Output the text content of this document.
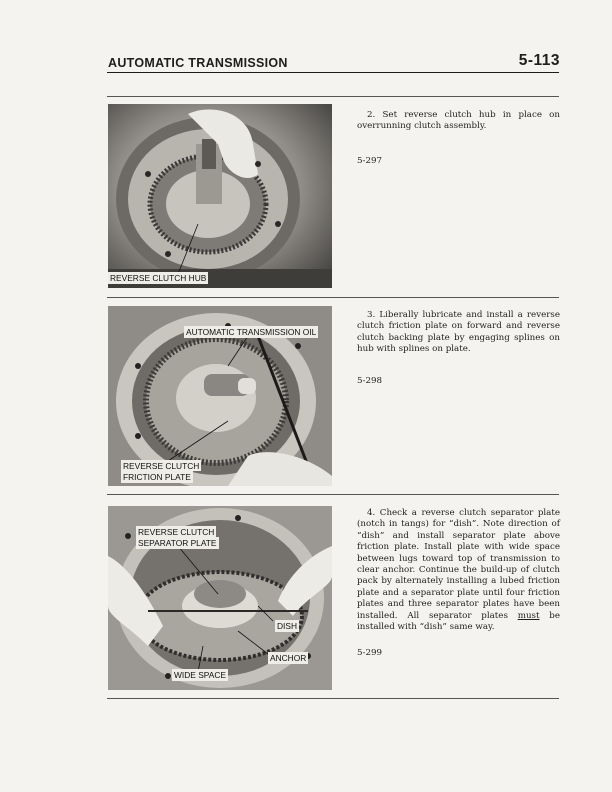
AUTOMATIC TRANSMISSION	5-113
REVERSE CLUTCH HUB
2. Set reverse clutch hub in place on overrunning clutch assembly.
5-297
AUTOMATIC TRANSMISSION OIL
REVERSE CLUTCH
FRICTION PLATE
3. Liberally lubricate and install a reverse clutch friction plate on forward and reverse clutch backing plate by engaging splines on hub with splines on plate.
5-298
REVERSE CLUTCH
SEPARATOR PLATE
DISH
ANCHOR
WIDE SPACE
4. Check a reverse clutch separator plate (notch in tangs) for “dish”. Note direction of “dish” and install separator plate above friction plate. Install plate with wide space between lugs toward top of transmission to clear anchor. Continue the build-up of clutch pack by alternately installing a lubed friction plate and a separator plate until four friction plates and three separator plates have been installed. All separator plates must be installed with “dish” same way.
5-299
